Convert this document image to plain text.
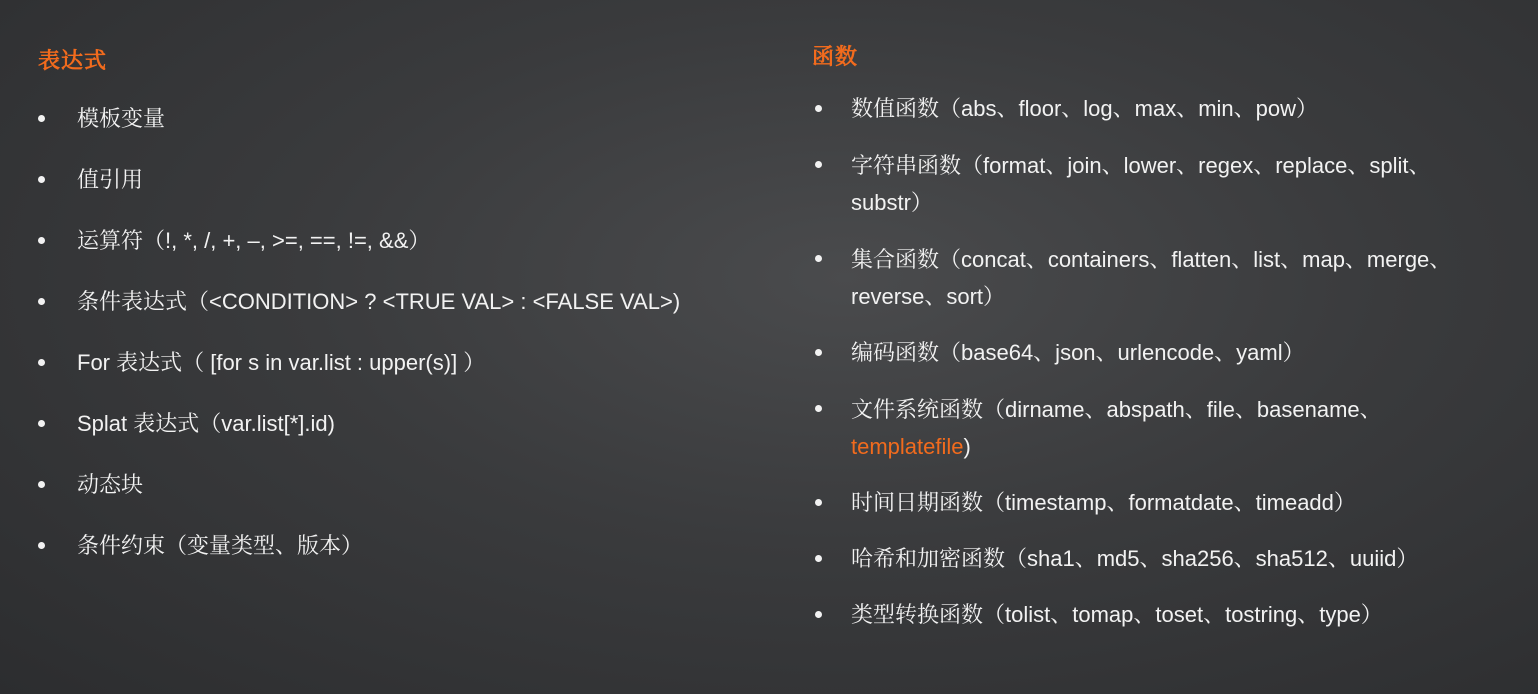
表达式
模板变量
值引用
运算符（!, *, /, +, –, >=, ==, !=, &&）
条件表达式（<CONDITION> ? <TRUE VAL> : <FALSE VAL>)
For 表达式（ [for s in var.list : upper(s)] ）
Splat 表达式（var.list[*].id)
动态块
条件约束（变量类型、版本）
函数
数值函数（abs、floor、log、max、min、pow）
字符串函数（format、join、lower、regex、replace、split、
substr）
集合函数（concat、containers、flatten、list、map、merge、
reverse、sort）
编码函数（base64、json、urlencode、yaml）
文件系统函数（dirname、abspath、file、basename、
templatefile)
时间日期函数（timestamp、formatdate、timeadd）
哈希和加密函数（sha1、md5、sha256、sha512、uuiid）
类型转换函数（tolist、tomap、toset、tostring、type）
